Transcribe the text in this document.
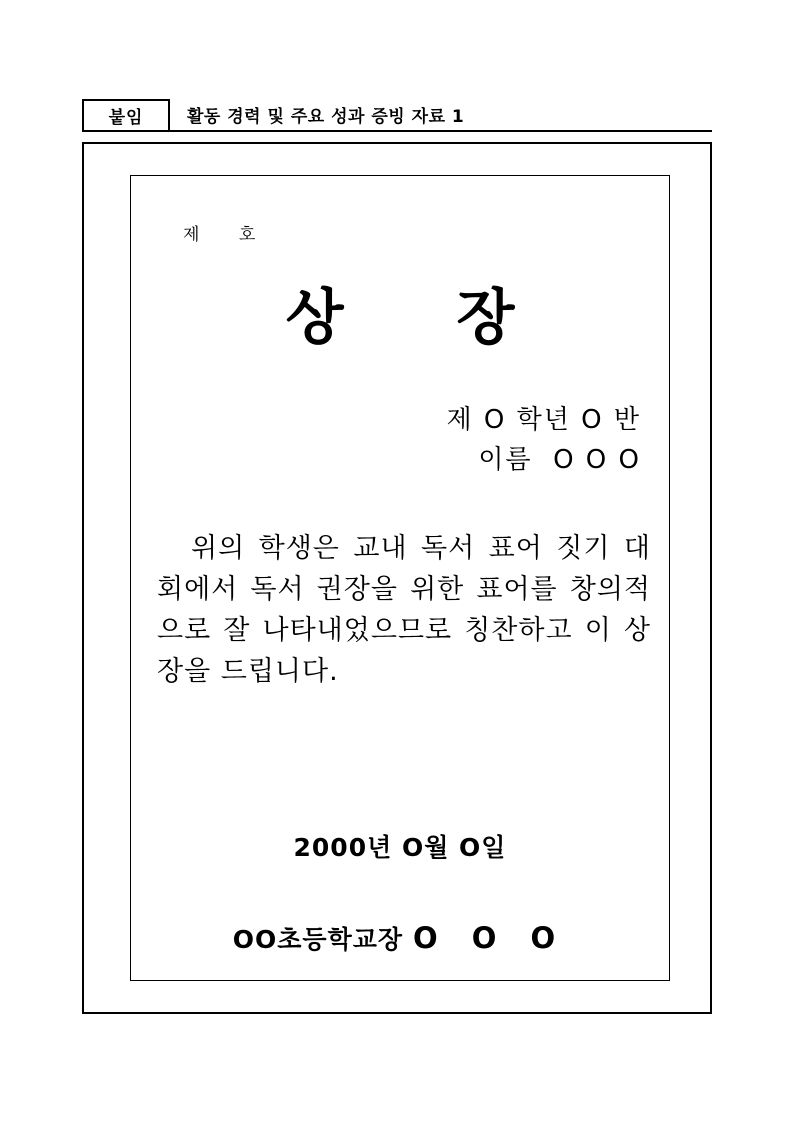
붙임	활동 경력 및 주요 성과 증빙 자료 1
제      호
상 장
제 O 학년 O 반
이름  O O O

위의 학생은 교내 독서 표어 짓기 대회에서 독서 권장을 위한 표어를 창의적으로 잘 나타내었으므로 칭찬하고 이 상장을 드립니다.

2000년 O월 O일
OO초등학교장 O O O
